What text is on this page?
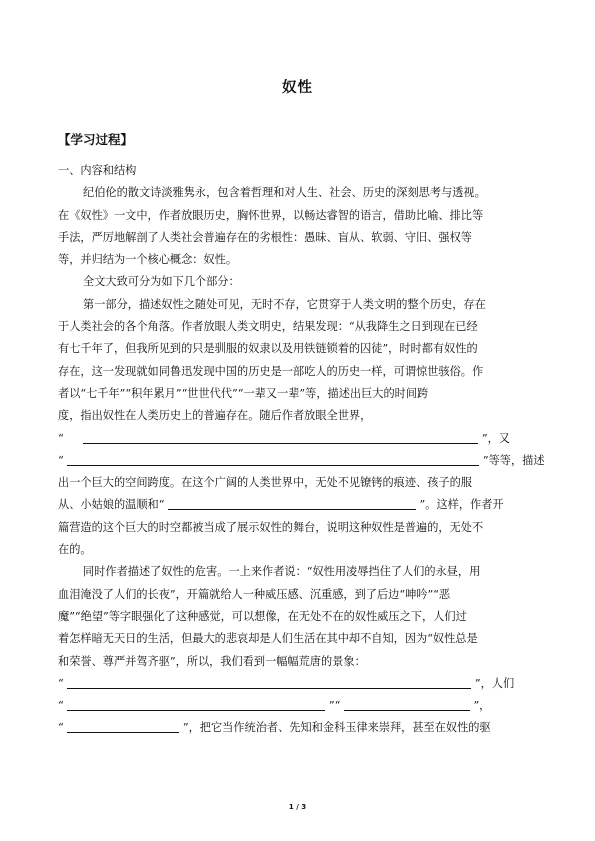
奴性
【学习过程】
一、内容和结构
纪伯伦的散文诗淡雅隽永，包含着哲理和对人生、社会、历史的深刻思考与透视。
在《奴性》一文中，作者放眼历史，胸怀世界，以畅达睿智的语言，借助比喻、排比等
手法，严厉地解剖了人类社会普遍存在的劣根性：愚昧、盲从、软弱、守旧、强权等
等，并归结为一个核心概念：奴性。
全文大致可分为如下几个部分：
第一部分，描述奴性之随处可见，无时不存，它贯穿于人类文明的整个历史，存在
于人类社会的各个角落。作者放眼人类文明史，结果发现：“从我降生之日到现在已经
有七千年了，但我所见到的只是驯服的奴隶以及用铁链锁着的囚徒”，时时都有奴性的
存在，这一发现就如同鲁迅发现中国的历史是一部吃人的历史一样，可谓惊世骇俗。作
者以“七千年”“积年累月”“世世代代”“一辈又一辈”等，描述出巨大的时间跨
度，指出奴性在人类历史上的普遍存在。随后作者放眼全世界，
“	”，又
“	”等等，描述
出一个巨大的空间跨度。在这个广阔的人类世界中，无处不见镣铐的痕迹、孩子的服
从、小姑娘的温顺和“	”。这样，作者开
篇营造的这个巨大的时空都被当成了展示奴性的舞台，说明这种奴性是普遍的，无处不
在的。
同时作者描述了奴性的危害。一上来作者说：“奴性用凌辱挡住了人们的永昼，用
血泪淹没了人们的长夜”，开篇就给人一种威压感、沉重感，到了后边“呻吟”“恶
魔”“绝望”等字眼强化了这种感觉，可以想像，在无处不在的奴性威压之下，人们过
着怎样暗无天日的生活，但最大的悲哀却是人们生活在其中却不自知，因为“奴性总是
和荣誉、尊严并驾齐驱”，所以，我们看到一幅幅荒唐的景象：
“	”，人们
“	”“	”，
“	”，把它当作统治者、先知和金科玉律来崇拜，甚至在奴性的驱
1 / 3
